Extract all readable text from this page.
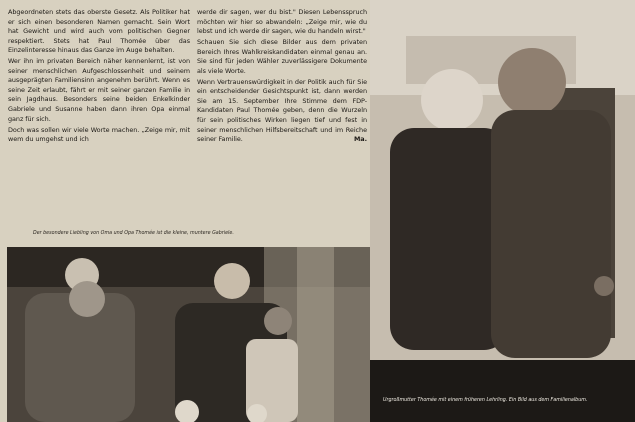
Abgeordneten stets das oberste Gesetz. Als Politiker hat er sich einen besonderen Namen gemacht. Sein Wort hat Gewicht und wird auch vom politischen Gegner respektiert. Stets hat Paul Thomée über das Einzelinteresse hinaus das Ganze im Auge behalten.

Wer ihn im privaten Bereich näher kennenlernt, ist von seiner menschlichen Aufgeschlossenheit und seinem ausgeprägten Familiensinn angenehm berührt. Wenn es seine Zeit erlaubt, fährt er mit seiner ganzen Familie in sein Jagdhaus. Besonders seine beiden Enkelkinder Gabriele und Susanne haben dann ihren Opa einmal ganz für sich.

Doch was sollen wir viele Worte machen. „Zeige mir, mit wem du umgehst und ich

werde dir sagen, wer du bist." Diesen Lebensspruch möchten wir hier so abwandeln: „Zeige mir, wie du lebst und ich werde dir sagen, wie du handeln wirst."

Schauen Sie sich diese Bilder aus dem privaten Bereich Ihres Wahlkreiskandidaten einmal genau an. Sie sind für jeden Wähler zuverlässigere Dokumente als viele Worte.

Wenn Vertrauenswürdigkeit in der Politik auch für Sie ein entscheidender Gesichtspunkt ist, dann werden Sie am 15. September Ihre Stimme dem FDP-Kandidaten Paul Thomée geben, denn die Wurzeln für sein politisches Wirken liegen tief und fest in seiner menschlichen Hilfsbereitschaft und im Reiche seiner Familie.	Ma.

Der besondere Liebling von Oma und Opa Thomée ist die kleine, muntere Gabriele.
Urgroßmutter Thomée mit einem früheren Lehrling. Ein Bild aus dem Familienalbum.
